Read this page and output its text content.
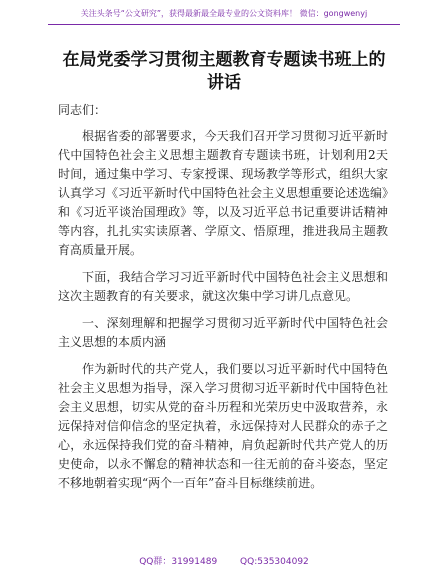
关注头条号“公文研究”，获得最新最全最专业的公文资料库！ 微信：gongwenyj
在局党委学习贯彻主题教育专题读书班上的讲话

同志们：

根据省委的部署要求，今天我们召开学习贯彻习近平新时代中国特色社会主义思想主题教育专题读书班，计划利用2天时间，通过集中学习、专家授课、现场教学等形式，组织大家认真学习《习近平新时代中国特色社会主义思想重要论述选编》和《习近平谈治国理政》等，以及习近平总书记重要讲话精神等内容，扎扎实实读原著、学原文、悟原理，推进我局主题教育高质量开展。

下面，我结合学习习近平新时代中国特色社会主义思想和这次主题教育的有关要求，就这次集中学习讲几点意见。

一、深刻理解和把握学习贯彻习近平新时代中国特色社会主义思想的本质内涵

作为新时代的共产党人，我们要以习近平新时代中国特色社会主义思想为指导，深入学习贯彻习近平新时代中国特色社会主义思想，切实从党的奋斗历程和光荣历史中汲取营养，永远保持对信仰信念的坚定执着，永远保持对人民群众的赤子之心，永远保持我们党的奋斗精神，肩负起新时代共产党人的历史使命，以永不懈怠的精神状态和一往无前的奋斗姿态，坚定不移地朝着实现“两个一百年”奋斗目标继续前进。

QQ群：31991489	QQ:535304092
